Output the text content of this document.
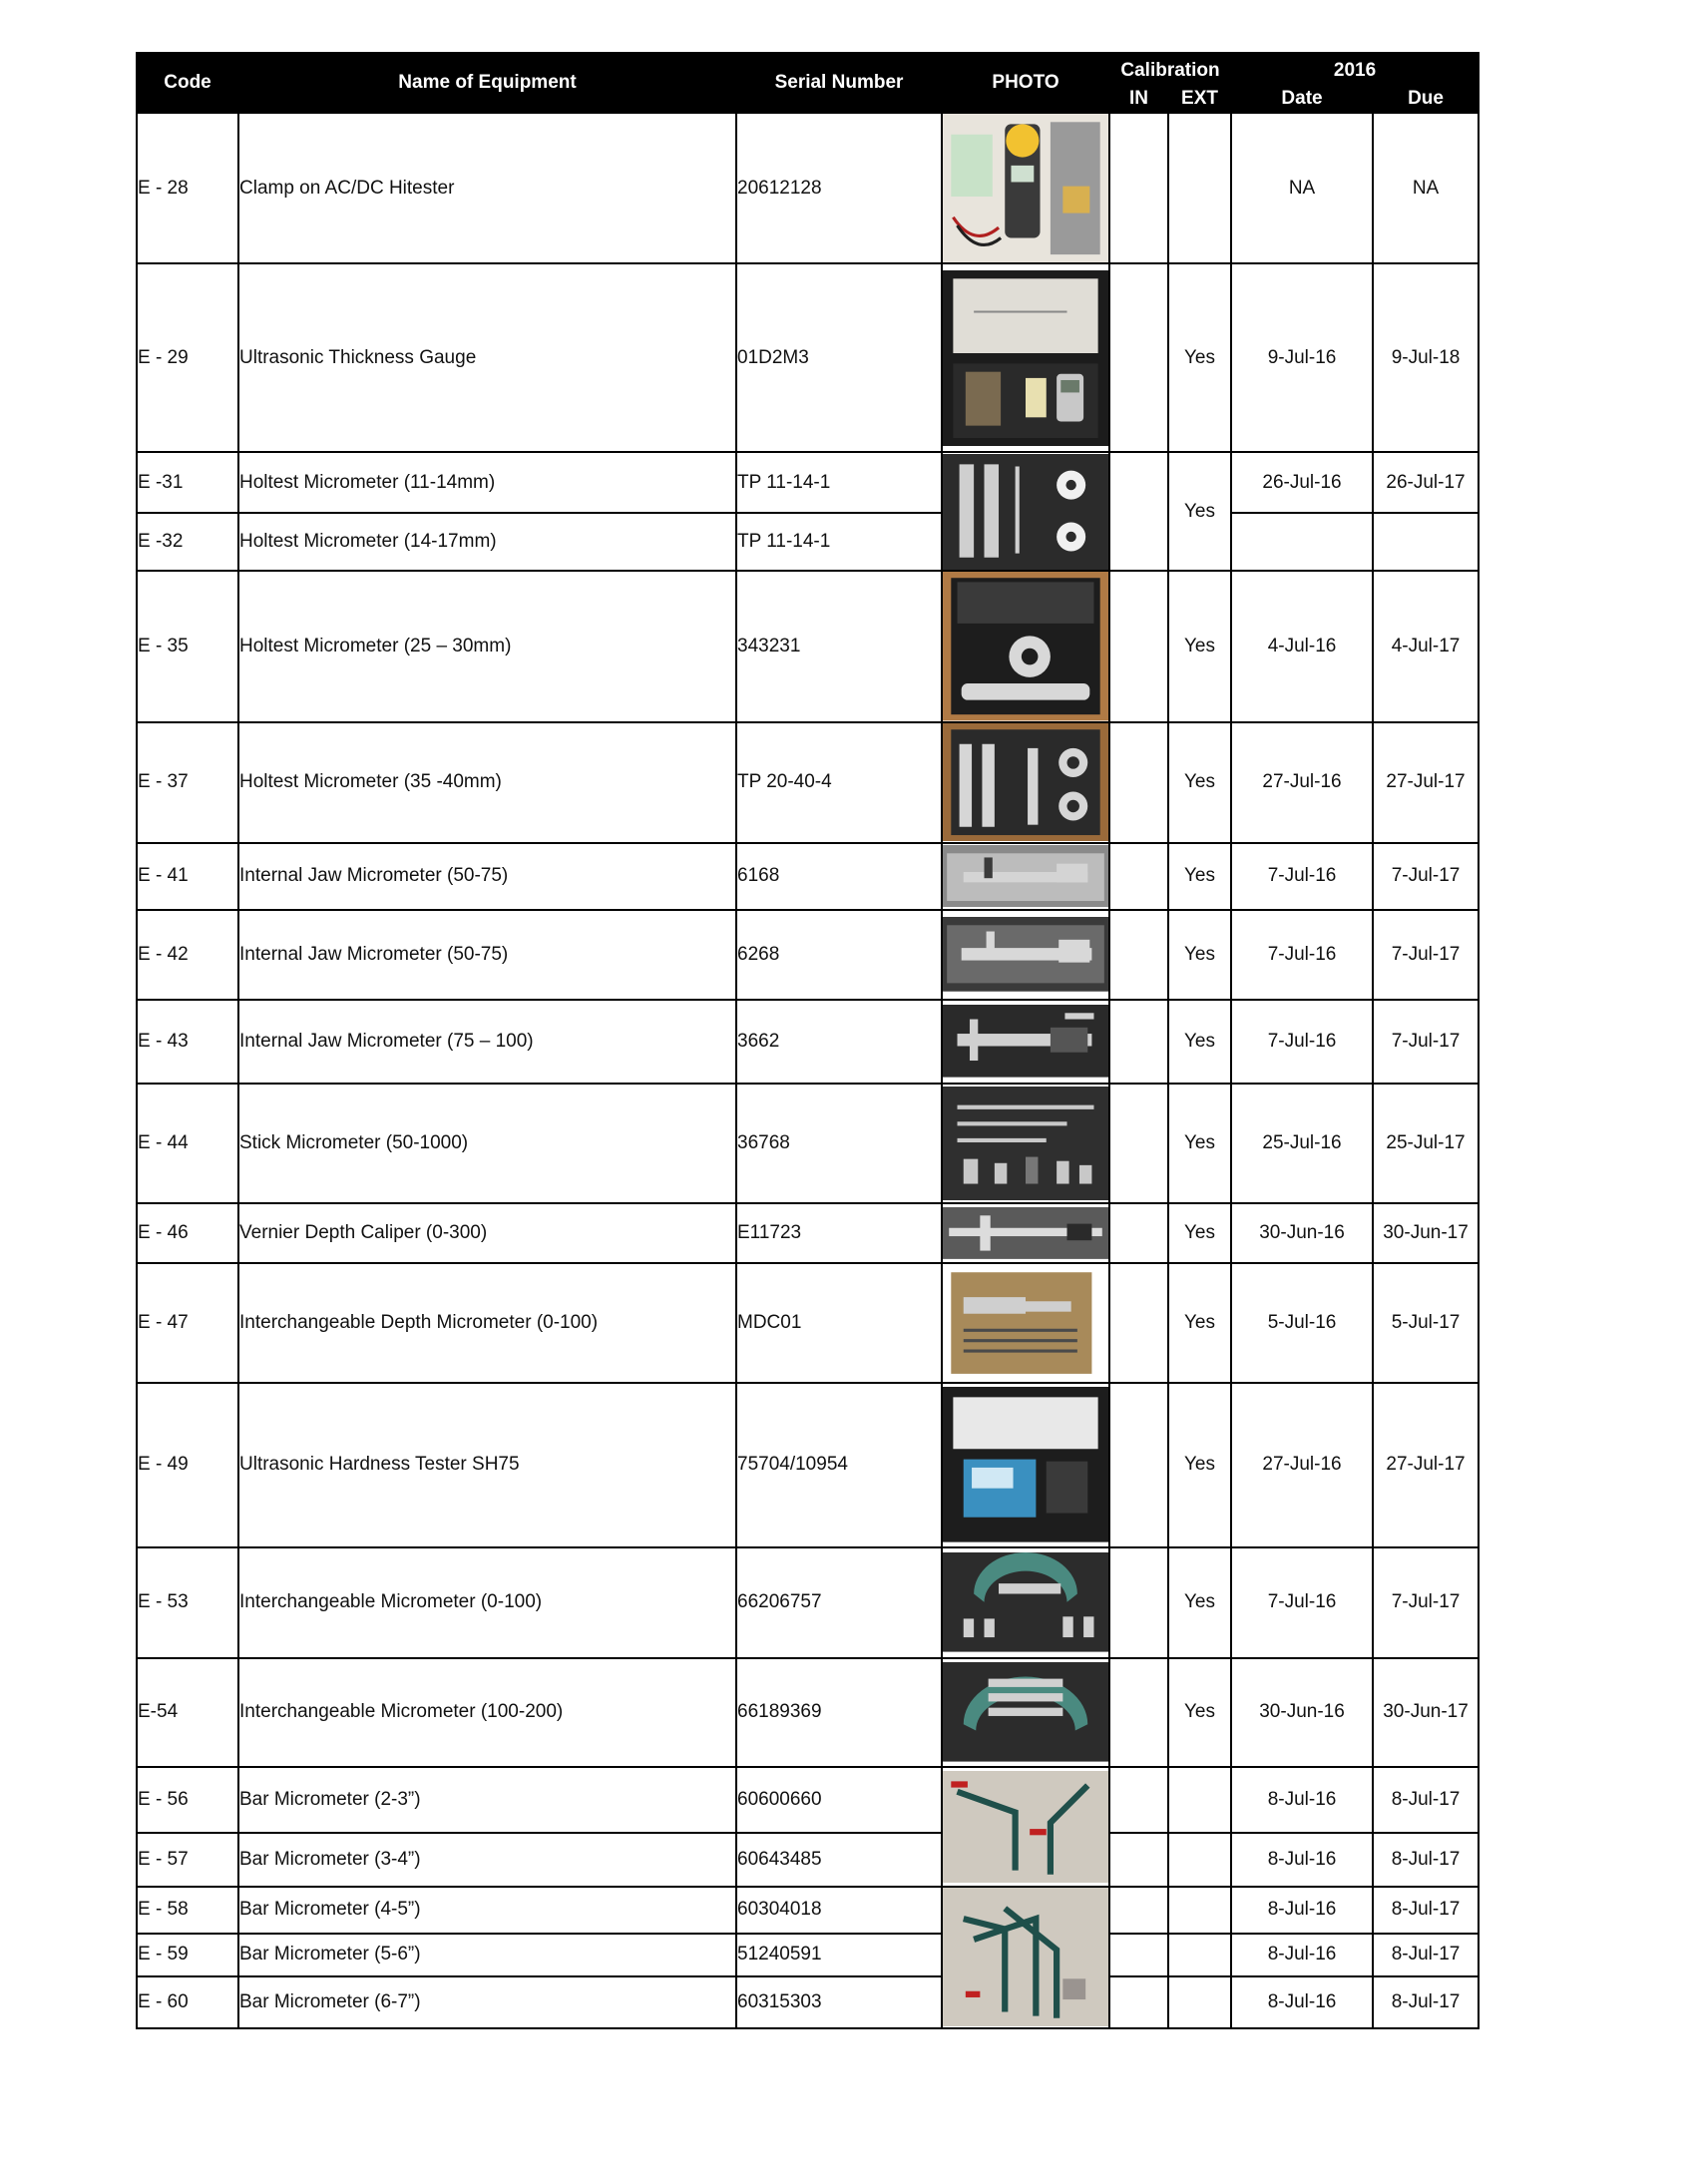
Code	Name of Equipment	Serial Number	PHOTO	Calibration		2016	
				IN	EXT	Date	Due
E - 28	Clamp on AC/DC Hitester	20612128				NA	NA
E - 29	Ultrasonic Thickness Gauge	01D2M3			Yes	9-Jul-16	9-Jul-18
E -31	Holtest Micrometer (11-14mm)	TP 11-14-1			Yes	26-Jul-16	26-Jul-17
E -32	Holtest Micrometer (14-17mm)	TP 11-14-1					
E - 35	Holtest Micrometer (25 – 30mm)	343231			Yes	4-Jul-16	4-Jul-17
E - 37	Holtest Micrometer (35 -40mm)	TP 20-40-4			Yes	27-Jul-16	27-Jul-17
E - 41	Internal Jaw Micrometer (50-75)	6168			Yes	7-Jul-16	7-Jul-17
E - 42	Internal Jaw Micrometer (50-75)	6268			Yes	7-Jul-16	7-Jul-17
E - 43	Internal Jaw Micrometer (75 – 100)	3662			Yes	7-Jul-16	7-Jul-17
E - 44	Stick Micrometer (50-1000)	36768			Yes	25-Jul-16	25-Jul-17
E - 46	Vernier Depth Caliper (0-300)	E11723			Yes	30-Jun-16	30-Jun-17
E - 47	Interchangeable Depth Micrometer (0-100)	MDC01			Yes	5-Jul-16	5-Jul-17
E - 49	Ultrasonic Hardness Tester SH75	75704/10954			Yes	27-Jul-16	27-Jul-17
E - 53	Interchangeable Micrometer (0-100)	66206757			Yes	7-Jul-16	7-Jul-17
E-54	Interchangeable Micrometer (100-200)	66189369			Yes	30-Jun-16	30-Jun-17
E - 56	Bar Micrometer (2-3”)	60600660				8-Jul-16	8-Jul-17
E - 57	Bar Micrometer (3-4”)	60643485				8-Jul-16	8-Jul-17
E - 58	Bar Micrometer (4-5”)	60304018				8-Jul-16	8-Jul-17
E - 59	Bar Micrometer (5-6”)	51240591				8-Jul-16	8-Jul-17
E - 60	Bar Micrometer (6-7”)	60315303				8-Jul-16	8-Jul-17
